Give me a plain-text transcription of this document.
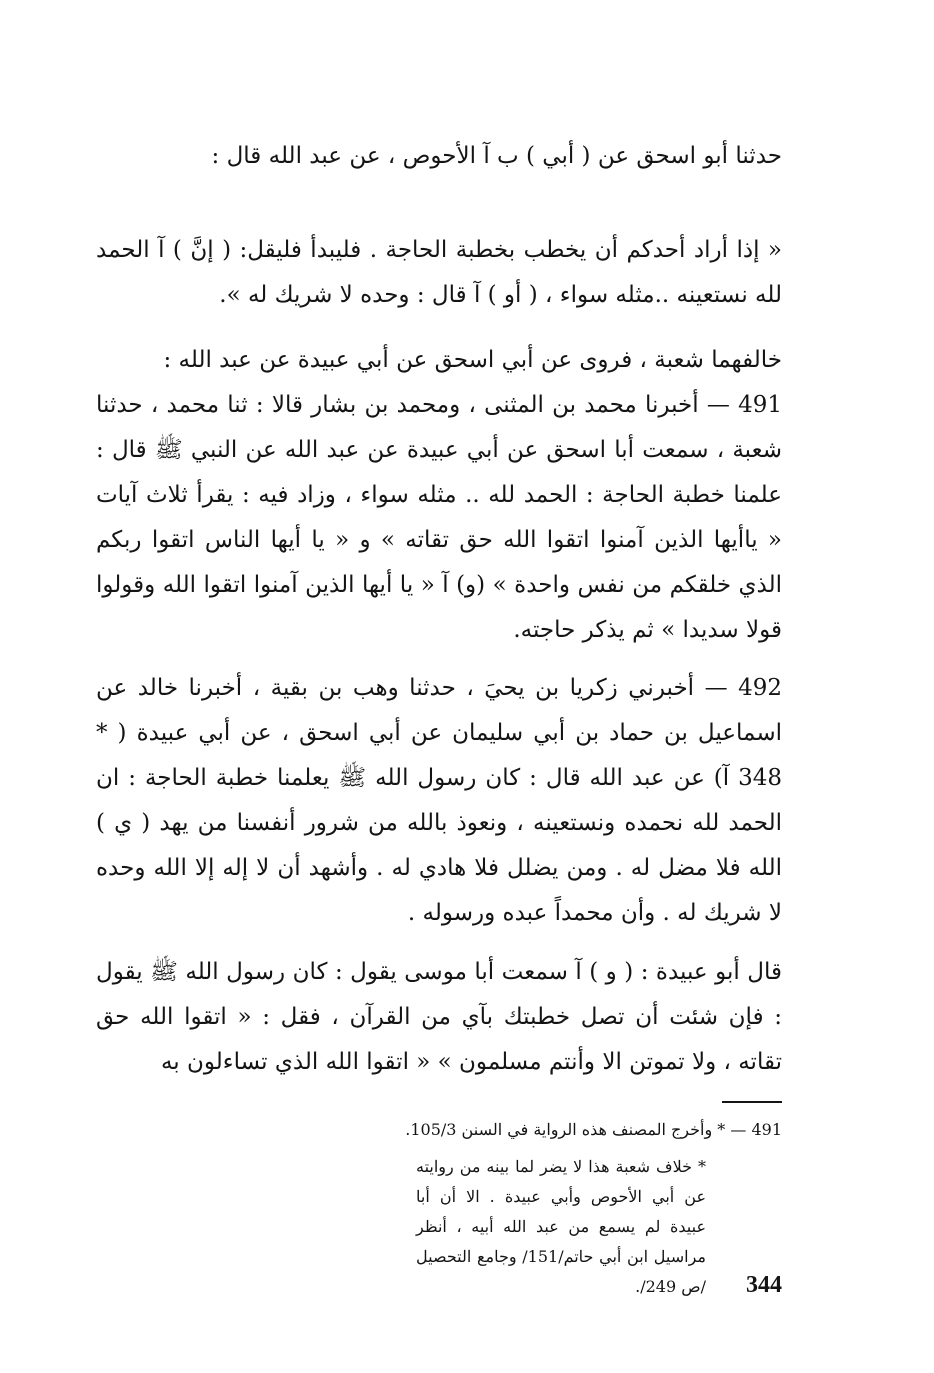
حدثنا أبو اسحق عن ( أبي ) ب آ الأحوص ، عن عبد الله قال :

« إذا أراد أحدكم أن يخطب بخطبة الحاجة . فليبدأ فليقل: ( إنَّ ) آ الحمد لله نستعينه ..مثله سواء ، ( أو ) آ قال : وحده لا شريك له ».

خالفهما شعبة ، فروى عن أبي اسحق عن أبي عبيدة عن عبد الله :

491 — أخبرنا محمد بن المثنى ، ومحمد بن بشار قالا : ثنا محمد ، حدثنا شعبة ، سمعت أبا اسحق عن أبي عبيدة عن عبد الله عن النبي ﷺ قال : علمنا خطبة الحاجة : الحمد لله .. مثله سواء ، وزاد فيه : يقرأ ثلاث آيات « ياأيها الذين آمنوا اتقوا الله حق تقاته » و « يا أيها الناس اتقوا ربكم الذي خلقكم من نفس واحدة » (و) آ « يا أيها الذين آمنوا اتقوا الله وقولوا قولا سديدا » ثم يذكر حاجته.

492 — أخبرني زكريا بن يحيَ ، حدثنا وهب بن بقية ، أخبرنا خالد عن اسماعيل بن حماد بن أبي سليمان عن أبي اسحق ، عن أبي عبيدة ( * 348 آ) عن عبد الله قال : كان رسول الله ﷺ يعلمنا خطبة الحاجة : ان الحمد لله نحمده ونستعينه ، ونعوذ بالله من شرور أنفسنا من يهد ( ي ) الله فلا مضل له . ومن يضلل فلا هادي له . وأشهد أن لا إله إلا الله وحده لا شريك له . وأن محمداً عبده ورسوله .

قال أبو عبيدة : ( و ) آ سمعت أبا موسى يقول : كان رسول الله ﷺ يقول : فإن شئت أن تصل خطبتك بآي من القرآن ، فقل : « اتقوا الله حق تقاته ، ولا تموتن الا وأنتم مسلمون » « اتقوا الله الذي تساءلون به

491 — * وأخرج المصنف هذه الرواية في السنن 105/3.

* خلاف شعبة هذا لا يضر لما بينه من روايته عن أبي الأحوص وأبي عبيدة . الا أن أبا عبيدة لم يسمع من عبد الله أبيه ، أنظر مراسيل ابن أبي حاتم/151/ وجامع التحصيل /ص 249/. 344
